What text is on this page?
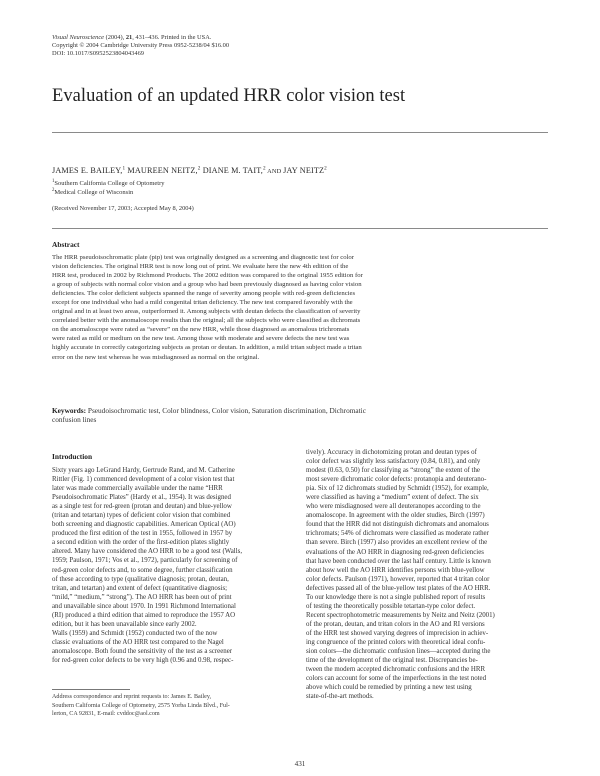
Visual Neuroscience (2004), 21, 431–436. Printed in the USA.
Copyright © 2004 Cambridge University Press 0952-5238/04 $16.00
DOI: 10.1017/S0952523804043469
Evaluation of an updated HRR color vision test
JAMES E. BAILEY,$^1$ MAUREEN NEITZ,$^2$ DIANE M. TAIT,$^2$ AND JAY NEITZ$^2$
$^1$Southern California College of Optometry
$^2$Medical College of Wisconsin
(Received November 17, 2003; Accepted May 8, 2004)
Abstract
The HRR pseudoisochromatic plate (pip) test was originally designed as a screening and diagnostic test for color
vision deficiencies. The original HRR test is now long out of print. We evaluate here the new 4th edition of the
HRR test, produced in 2002 by Richmond Products. The 2002 edition was compared to the original 1955 edition for
a group of subjects with normal color vision and a group who had been previously diagnosed as having color vision
deficiencies. The color deficient subjects spanned the range of severity among people with red-green deficiencies
except for one individual who had a mild congenital tritan deficiency. The new test compared favorably with the
original and in at least two areas, outperformed it. Among subjects with deutan defects the classification of severity
correlated better with the anomaloscope results than the original; all the subjects who were classified as dichromats
on the anomaloscope were rated as “severe” on the new HRR, while those diagnosed as anomalous trichromats
were rated as mild or medium on the new test. Among those with moderate and severe defects the new test was
highly accurate in correctly categorizing subjects as protan or deutan. In addition, a mild tritan subject made a tritan
error on the new test whereas he was misdiagnosed as normal on the original.
Keywords: Pseudoisochromatic test, Color blindness, Color vision, Saturation discrimination, Dichromatic
confusion lines
Introduction
Sixty years ago LeGrand Hardy, Gertrude Rand, and M. Catherine
Rittler (Fig. 1) commenced development of a color vision test that
later was made commercially available under the name “HRR
Pseudoisochromatic Plates” (Hardy et al., 1954). It was designed
as a single test for red-green (protan and deutan) and blue-yellow
(tritan and tetartan) types of deficient color vision that combined
both screening and diagnostic capabilities. American Optical (AO)
produced the first edition of the test in 1955, followed in 1957 by
a second edition with the order of the first-edition plates slightly
altered. Many have considered the AO HRR to be a good test (Walls,
1959; Paulson, 1971; Vos et al., 1972), particularly for screening of
red-green color defects and, to some degree, further classification
of these according to type (qualitative diagnosis; protan, deutan,
tritan, and tetartan) and extent of defect (quantitative diagnosis;
“mild,” “medium,” “strong”). The AO HRR has been out of print
and unavailable since about 1970. In 1991 Richmond International
(RI) produced a third edition that aimed to reproduce the 1957 AO
edition, but it has been unavailable since early 2002.
Walls (1959) and Schmidt (1952) conducted two of the now
classic evaluations of the AO HRR test compared to the Nagel
anomaloscope. Both found the sensitivity of the test as a screener
for red-green color defects to be very high (0.96 and 0.98, respec-
tively). Accuracy in dichotomizing protan and deutan types of
color defect was slightly less satisfactory (0.84, 0.81), and only
modest (0.63, 0.50) for classifying as “strong” the extent of the
most severe dichromatic color defects: protanopia and deuterano-
pia. Six of 12 dichromats studied by Schmidt (1952), for example,
were classified as having a “medium” extent of defect. The six
who were misdiagnosed were all deuteranopes according to the
anomaloscope. In agreement with the older studies, Birch (1997)
found that the HRR did not distinguish dichromats and anomalous
trichromats; 54% of dichromats were classified as moderate rather
than severe. Birch (1997) also provides an excellent review of the
evaluations of the AO HRR in diagnosing red-green deficiencies
that have been conducted over the last half century. Little is known
about how well the AO HRR identifies persons with blue-yellow
color defects. Paulson (1971), however, reported that 4 tritan color
defectives passed all of the blue-yellow test plates of the AO HRR.
To our knowledge there is not a single published report of results
of testing the theoretically possible tetartan-type color defect.
Recent spectrophotometric measurements by Neitz and Neitz (2001)
of the protan, deutan, and tritan colors in the AO and RI versions
of the HRR test showed varying degrees of imprecision in achiev-
ing congruence of the printed colors with theoretical ideal confu-
sion colors—the dichromatic confusion lines—accepted during the
time of the development of the original test. Discrepancies be-
tween the modern accepted dichromatic confusions and the HRR
colors can account for some of the imperfections in the test noted
above which could be remedied by printing a new test using
state-of-the-art methods.
Address correspondence and reprint requests to: James E. Bailey,
Southern California College of Optometry, 2575 Yorba Linda Blvd., Ful-
lerton, CA 92831, E-mail: cvddoc@aol.com
431
